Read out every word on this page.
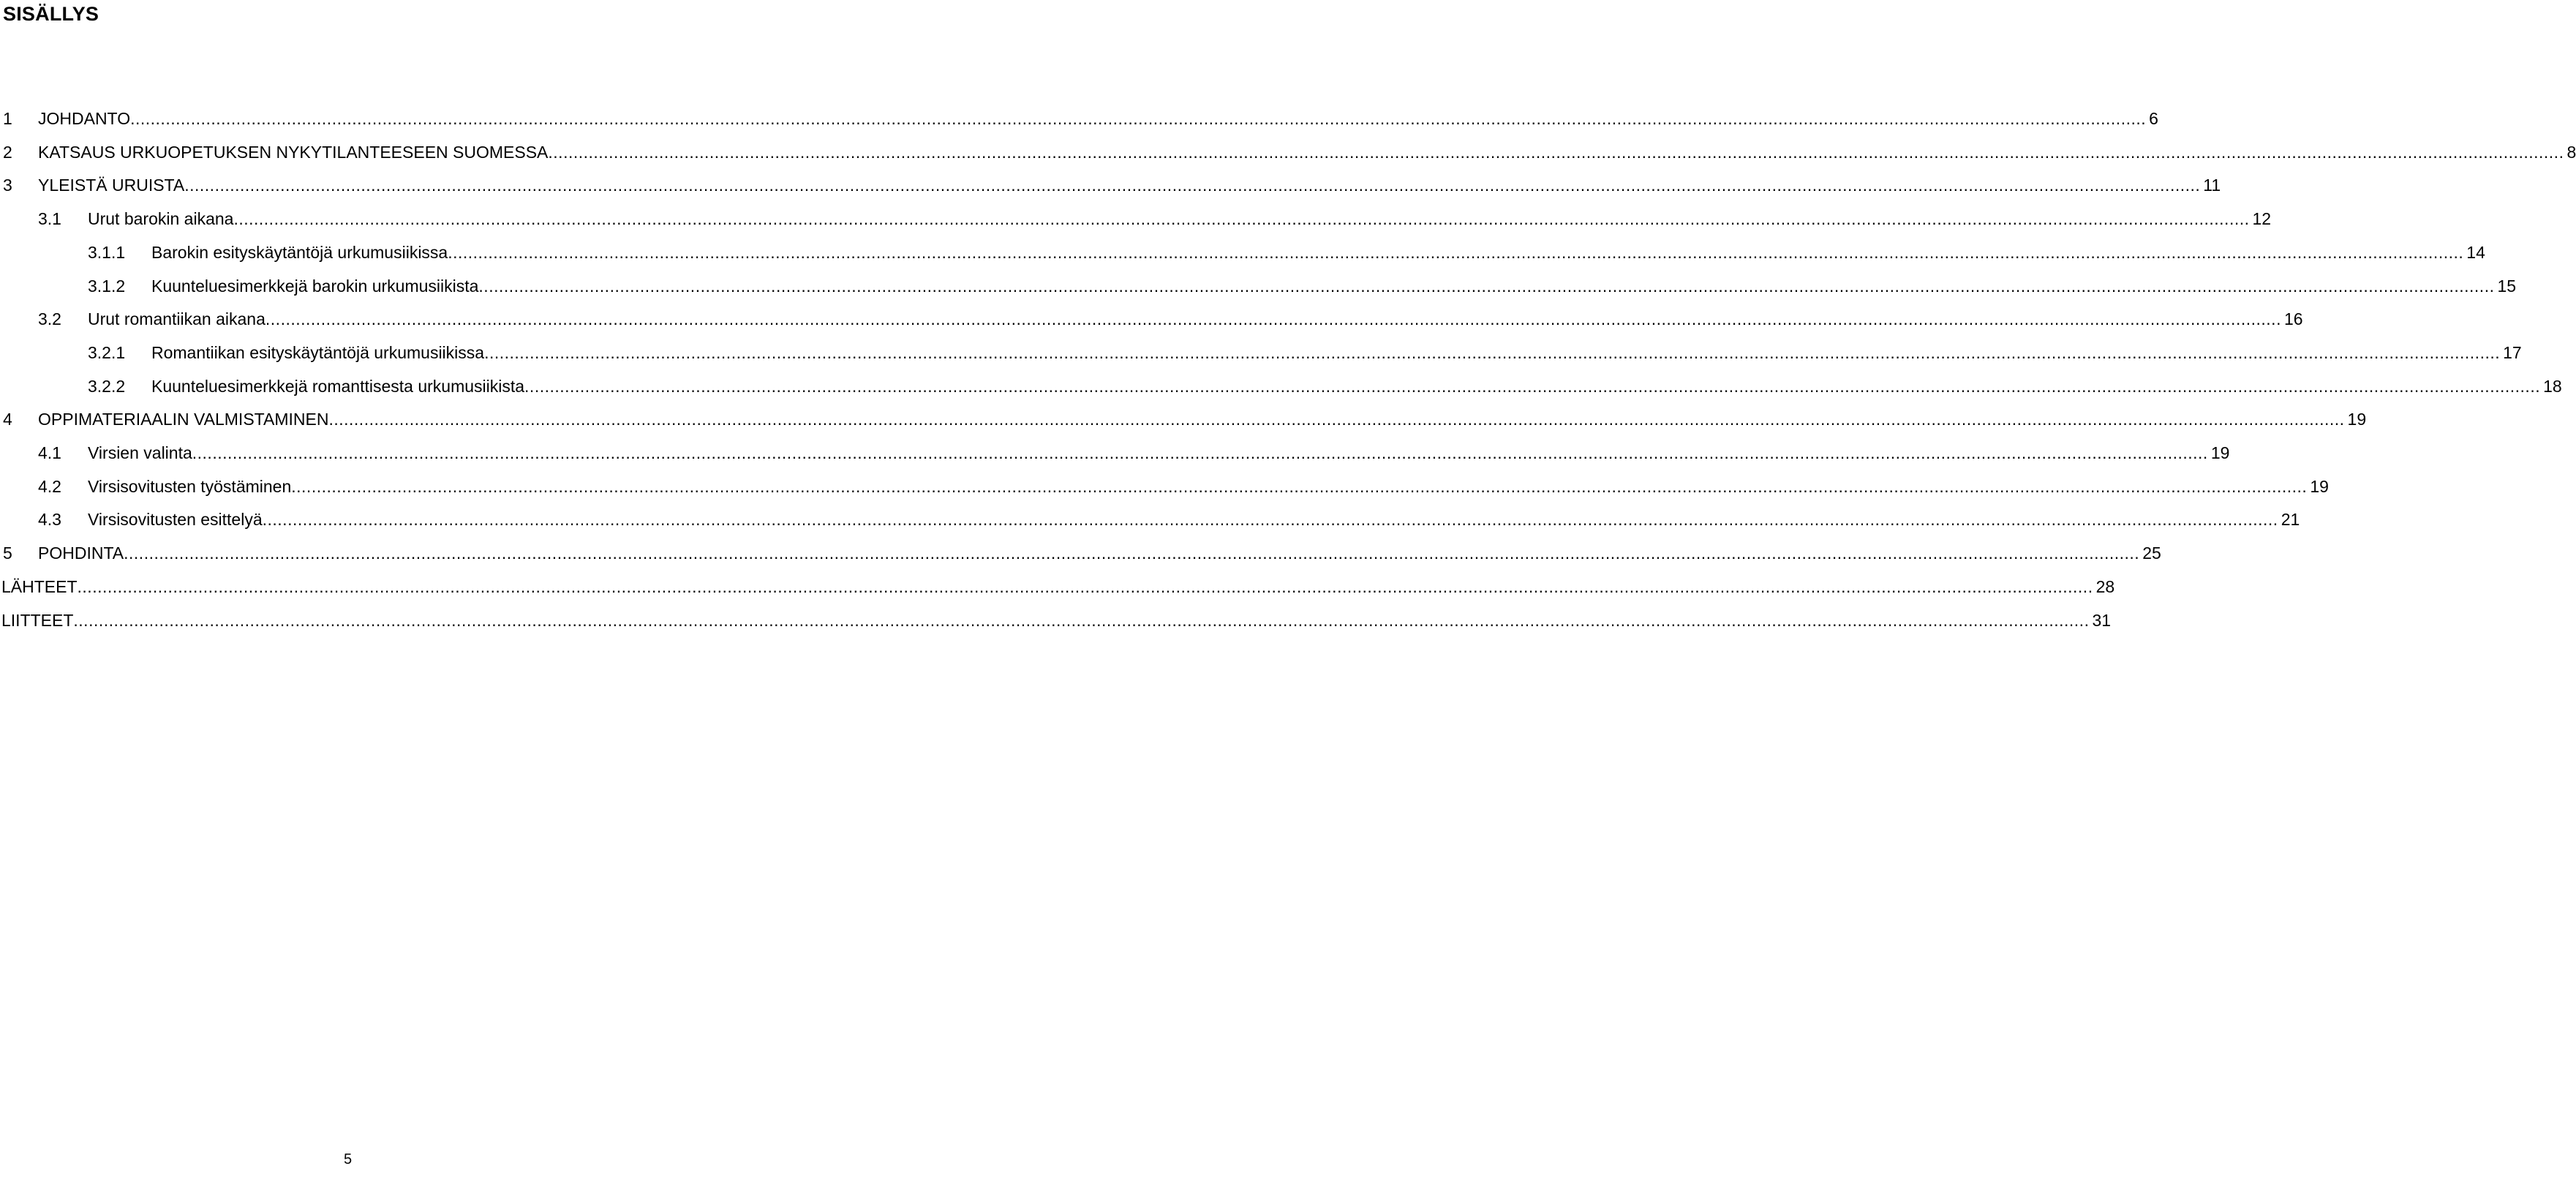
SISÄLLYS
1 JOHDANTO ................................................................................................................................................................................................................................................................................................................................................................................................................ 6
2 KATSAUS URKUOPETUKSEN NYKYTILANTEESEEN SUOMESSA ................................................................................................................................................................................................................................................................................................................................................................................................................ 8
3 YLEISTÄ URUISTA ................................................................................................................................................................................................................................................................................................................................................................................................................ 11
3.1 Urut barokin aikana ................................................................................................................................................................................................................................................................................................................................................................................................................ 12
3.1.1 Barokin esityskäytäntöjä urkumusiikissa ................................................................................................................................................................................................................................................................................................................................................................................................................ 14
3.1.2 Kuunteluesimerkkejä barokin urkumusiikista ................................................................................................................................................................................................................................................................................................................................................................................................................ 15
3.2 Urut romantiikan aikana ................................................................................................................................................................................................................................................................................................................................................................................................................ 16
3.2.1 Romantiikan esityskäytäntöjä urkumusiikissa ................................................................................................................................................................................................................................................................................................................................................................................................................ 17
3.2.2 Kuunteluesimerkkejä romanttisesta urkumusiikista ................................................................................................................................................................................................................................................................................................................................................................................................................ 18
4 OPPIMATERIAALIN VALMISTAMINEN ................................................................................................................................................................................................................................................................................................................................................................................................................ 19
4.1 Virsien valinta ................................................................................................................................................................................................................................................................................................................................................................................................................ 19
4.2 Virsisovitusten työstäminen ................................................................................................................................................................................................................................................................................................................................................................................................................ 19
4.3 Virsisovitusten esittelyä ................................................................................................................................................................................................................................................................................................................................................................................................................ 21
5 POHDINTA ................................................................................................................................................................................................................................................................................................................................................................................................................ 25
LÄHTEET ................................................................................................................................................................................................................................................................................................................................................................................................................ 28
LIITTEET ................................................................................................................................................................................................................................................................................................................................................................................................................ 31
5
